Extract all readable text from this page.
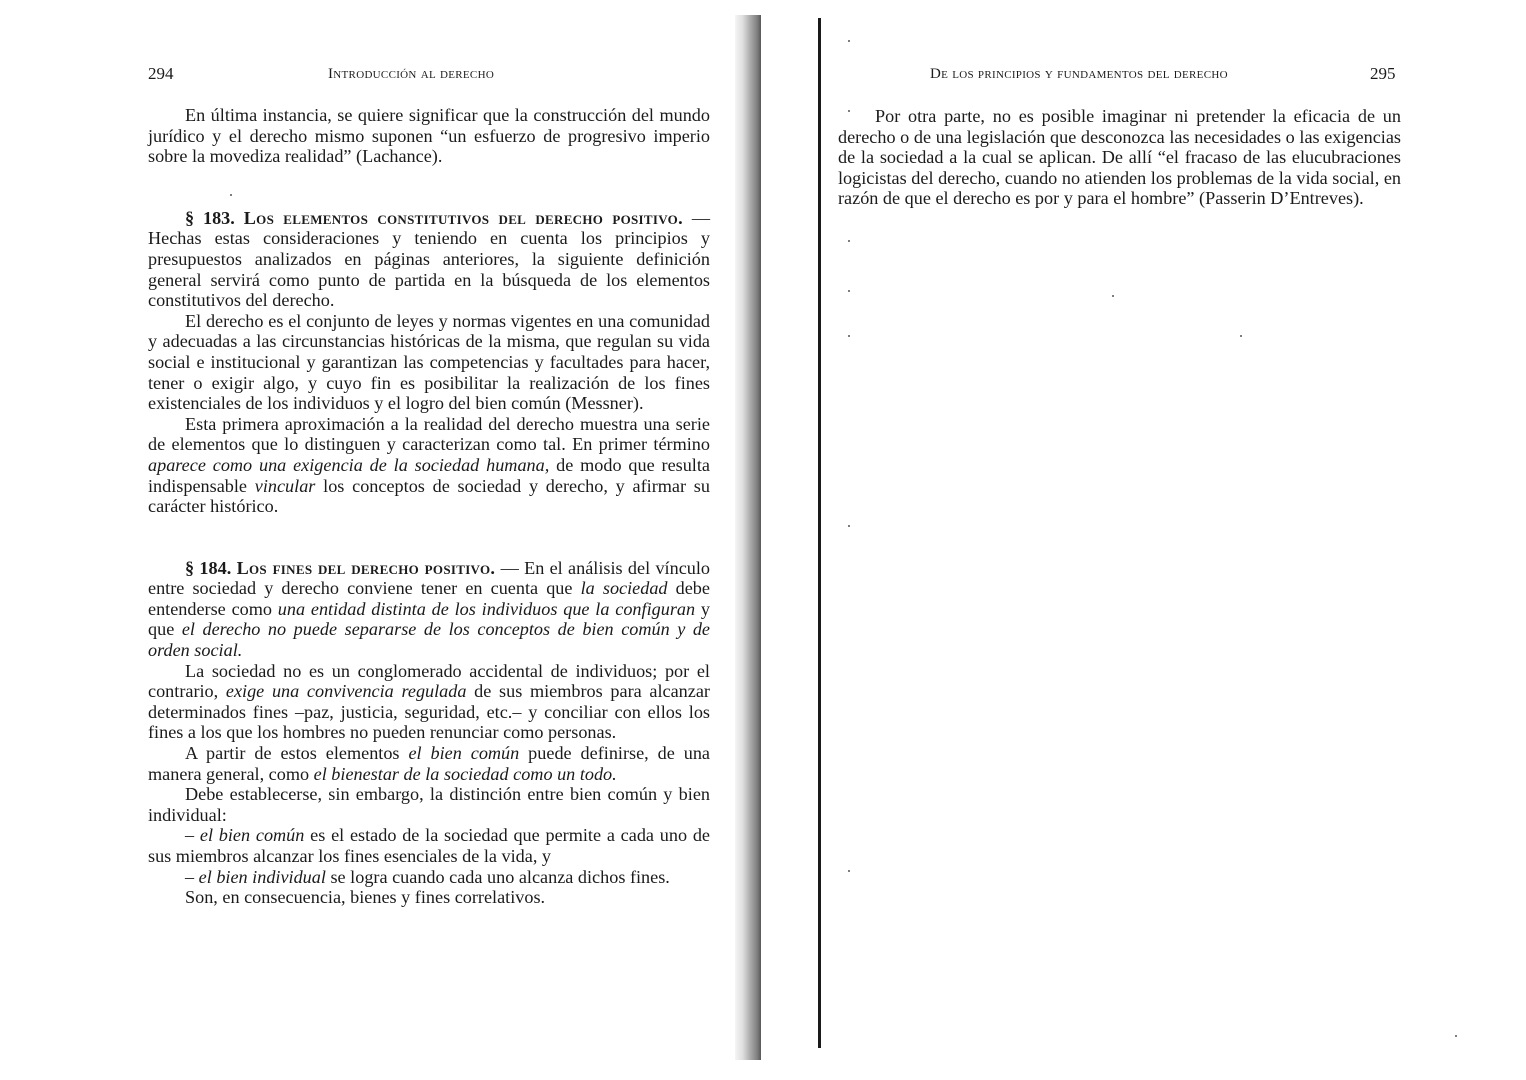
294	Introducción al derecho

En última instancia, se quiere significar que la construcción del mundo jurídico y el derecho mismo suponen “un esfuerzo de progresivo imperio sobre la movediza realidad” (Lachance).

§ 183. Los elementos constitutivos del derecho positivo. — Hechas estas consideraciones y teniendo en cuenta los principios y presupuestos analizados en páginas anteriores, la siguiente definición general servirá como punto de partida en la búsqueda de los elementos constitutivos del derecho.

El derecho es el conjunto de leyes y normas vigentes en una comunidad y adecuadas a las circunstancias históricas de la misma, que regulan su vida social e institucional y garantizan las competencias y facultades para hacer, tener o exigir algo, y cuyo fin es posibilitar la realización de los fines existenciales de los individuos y el logro del bien común (Messner).

Esta primera aproximación a la realidad del derecho muestra una serie de elementos que lo distinguen y caracterizan como tal. En primer término aparece como una exigencia de la sociedad humana, de modo que resulta indispensable vincular los conceptos de sociedad y derecho, y afirmar su carácter histórico.

§ 184. Los fines del derecho positivo. — En el análisis del vínculo entre sociedad y derecho conviene tener en cuenta que la sociedad debe entenderse como una entidad distinta de los individuos que la configuran y que el derecho no puede separarse de los conceptos de bien común y de orden social.

La sociedad no es un conglomerado accidental de individuos; por el contrario, exige una convivencia regulada de sus miembros para alcanzar determinados fines –paz, justicia, seguridad, etc.– y conciliar con ellos los fines a los que los hombres no pueden renunciar como personas.

A partir de estos elementos el bien común puede definirse, de una manera general, como el bienestar de la sociedad como un todo.

Debe establecerse, sin embargo, la distinción entre bien común y bien individual:

– el bien común es el estado de la sociedad que permite a cada uno de sus miembros alcanzar los fines esenciales de la vida, y

– el bien individual se logra cuando cada uno alcanza dichos fines.

Son, en consecuencia, bienes y fines correlativos.

De los principios y fundamentos del derecho	295

Por otra parte, no es posible imaginar ni pretender la eficacia de un derecho o de una legislación que desconozca las necesidades o las exigencias de la sociedad a la cual se aplican. De allí “el fracaso de las elucubraciones logicistas del derecho, cuando no atienden los problemas de la vida social, en razón de que el derecho es por y para el hombre” (Passerin D’Entreves).
